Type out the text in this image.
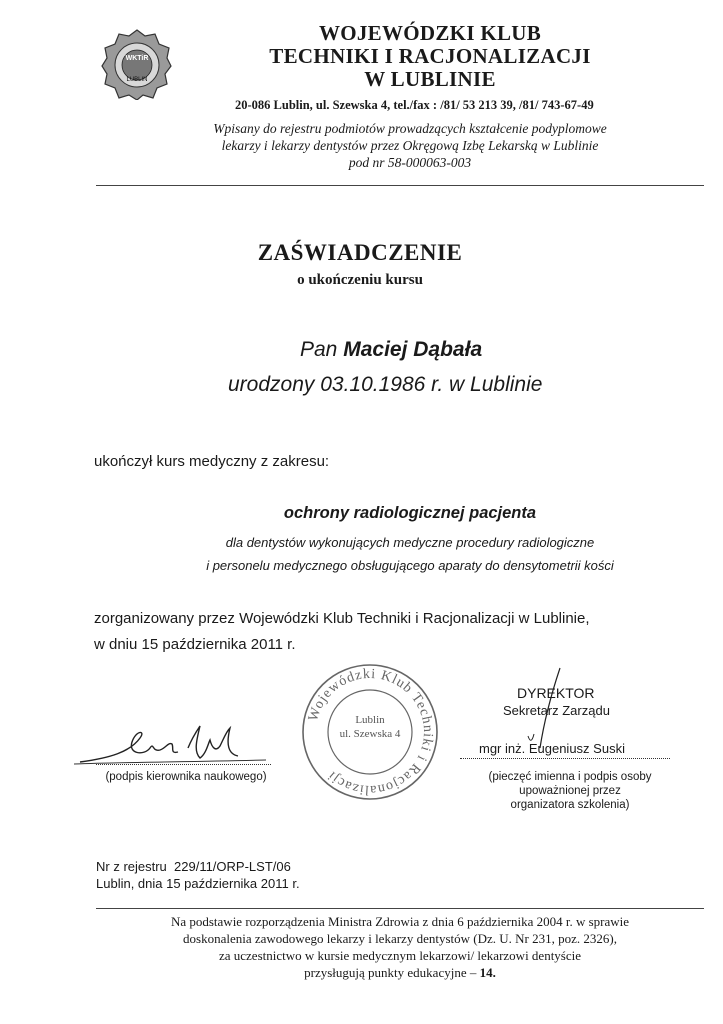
WKTiR
LUBLIN
WOJEWÓDZKI KLUB
TECHNIKI I RACJONALIZACJI
W LUBLINIE
20-086 Lublin, ul. Szewska 4, tel./fax : /81/ 53 213 39, /81/ 743-67-49
Wpisany do rejestru podmiotów prowadzących kształcenie podyplomowe
lekarzy i lekarzy dentystów przez Okręgową Izbę Lekarską w Lublinie
pod nr 58-000063-003
ZAŚWIADCZENIE
o ukończeniu kursu
Pan Maciej Dąbała
urodzony 03.10.1986 r. w Lublinie
ukończył kurs medyczny z zakresu:
ochrony radiologicznej pacjenta
dla dentystów wykonujących medyczne procedury radiologiczne
i personelu medycznego obsługującego aparaty do densytometrii kości
zorganizowany przez Wojewódzki Klub Techniki i Racjonalizacji w Lublinie,
w dniu 15 października 2011 r.
(podpis kierownika naukowego)
Wojewódzki Klub Techniki i Racjonalizacji
Lublin
ul. Szewska 4
DYREKTOR
Sekretarz Zarządu
mgr inż. Eugeniusz Suski
(pieczęć imienna i podpis osoby
upoważnionej przez
organizatora szkolenia)
Nr z rejestru  229/11/ORP-LST/06
Lublin, dnia 15 października 2011 r.
Na podstawie rozporządzenia Ministra Zdrowia z dnia 6 października 2004 r. w sprawie
doskonalenia zawodowego lekarzy i lekarzy dentystów (Dz. U. Nr 231, poz. 2326),
za uczestnictwo w kursie medycznym lekarzowi/ lekarzowi dentyście
przysługują punkty edukacyjne – 14.
